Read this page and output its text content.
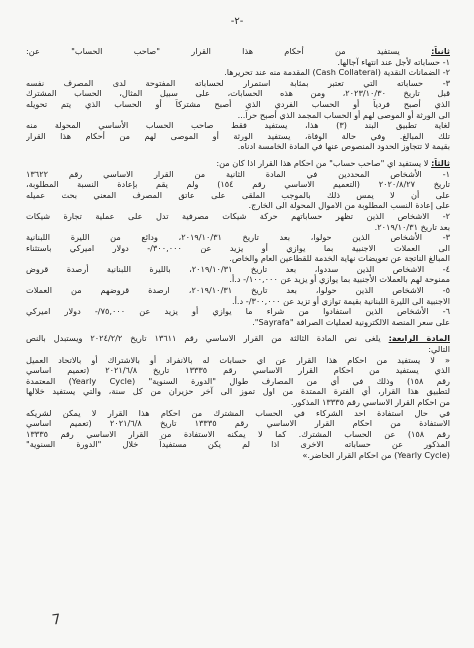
-٢-
ثانياً: يستفيد من أحكام هذا القرار "صاحب الحساب" عن:
١- حساباته لأجل عند انتهاء آجالها.
٢- الضمانات النقدية (Cash Collateral) المقدمة منه عند تحريرها.
٣- حساباته التي تعتبر بمثابة استمرار لحساباته المفتوحة لدى المصرف نفسه
قبل تاريخ ٢٠٢٣/١٠/٣٠، ومن هذه الحسابات، على سبيل المثال، الحساب المشترك
الذي أصبح فردياً أو الحساب الفردي الذي أصبح مشتركاً أو الحساب الذي يتم تحويله
الى الورثة أو الموصى لهم أو الحساب المجمد الذي أصبح حراً...
لغاية تطبيق البند (٣) هذا، يستفيد فقط صاحب الحساب الأساسي المحولة منه
تلك المبالغ. وفي حالة الوفاة، يستفيد الورثة أو الموصى لهم من أحكام هذا القرار
بقيمة لا تتجاوز الحدود المنصوص عنها في المادة الخامسة ادناه.
ثالثاً: لا يستفيد اي "صاحب حساب" من احكام هذا القرار اذا كان من:
١- الأشخاص المحددين في المادة الثانية من القرار الاساسي رقم ١٣٦٢٢
تاريخ ٢٠٢٠/٨/٢٧ (التعميم الاساسي رقم ١٥٤) ولم يقم بإعادة النسبة المطلوبة،
على أن لا يمس ذلك بالموجب الملقى على عاتق المصرف المعني بحث عميله
على إعادة النسب المطلوبة من الاموال المحولة الى الخارج.
٢- الاشخاص الذين تظهر حساباتهم حركة شيكات مصرفية تدل على عملية تجارة شيكات
بعد تاريخ ٢٠١٩/١٠/٣١.
٣- الأشخاص الذين حولوا، بعد تاريخ ٢٠١٩/١٠/٣١، ودائع من الليرة اللبنانية
الى العملات الاجنبية بما يوازي أو يزيد عن ٣٠٠,٠٠٠/- دولار اميركي باستثناء
المبالغ الناتجة عن تعويضات نهاية الخدمة للقطاعين العام والخاص.
٤- الاشخاص الذين سددوا، بعد تاريخ ٢٠١٩/١٠/٣١، بالليرة اللبنانية أرصدة قروض
ممنوحة لهم بالعملات الأجنبية بما يوازي أو يزيد عن ١٠٠,٠٠٠/- د.أ.
٥- الاشخاص الذين حولوا، بعد تاريخ ٢٠١٩/١٠/٣١، ارصدة قروضهم من العملات
الاجنبية الى الليرة اللبنانية بقيمة توازي أو تزيد عن ٣٠٠,٠٠٠/- د.أ.
٦- الأشخاص الذين استفادوا من شراء ما يوازي أو يزيد عن ٧٥,٠٠٠/- دولار اميركي
على سعر المنصة الالكترونية لعمليات الصرافة "Sayrafa".
المادة الرابعة: يلغى نص المادة الثالثة من القرار الاساسي رقم ١٣٦١١ تاريخ ٢٠٢٤/٢/٢ ويستبدل بالنص
التالي:
« لا يستفيد من احكام هذا القرار عن اي حسابات له بالانفراد أو بالاشتراك أو بالاتحاد العميل
الذي يستفيد من احكام القرار الاساسي رقم ١٣٣٣٥ تاريخ ٢٠٢١/٦/٨ (تعميم اساسي
رقم ١٥٨) وذلك في أي من المصارف طوال "الدورة السنوية" (Yearly Cycle) المعتمدة
لتطبيق هذا القرار، أي الفترة الممتدة من اول تموز الى آخر حزيران من كل سنة، والتي يستفيد خلالها
من احكام القرار الاساسي رقم ١٣٣٣٥ المذكور.
في حال استفادة احد الشركاء في الحساب المشترك من احكام هذا القرار لا يمكن لشريكه
الاستفادة من احكام القرار الاساسي رقم ١٣٣٣٥ تاريخ ٢٠٢١/٦/٨ (تعميم اساسي
رقم ١٥٨) عن الحساب المشترك. كما لا يمكنه الاستفادة من القرار الاساسي رقم ١٣٣٣٥
المذكور عن حساباته الاخرى اذا لم يكن مستفيداً خلال "الدورة السنوية"
(Yearly Cycle) من احكام القرار الحاضر.»
7
